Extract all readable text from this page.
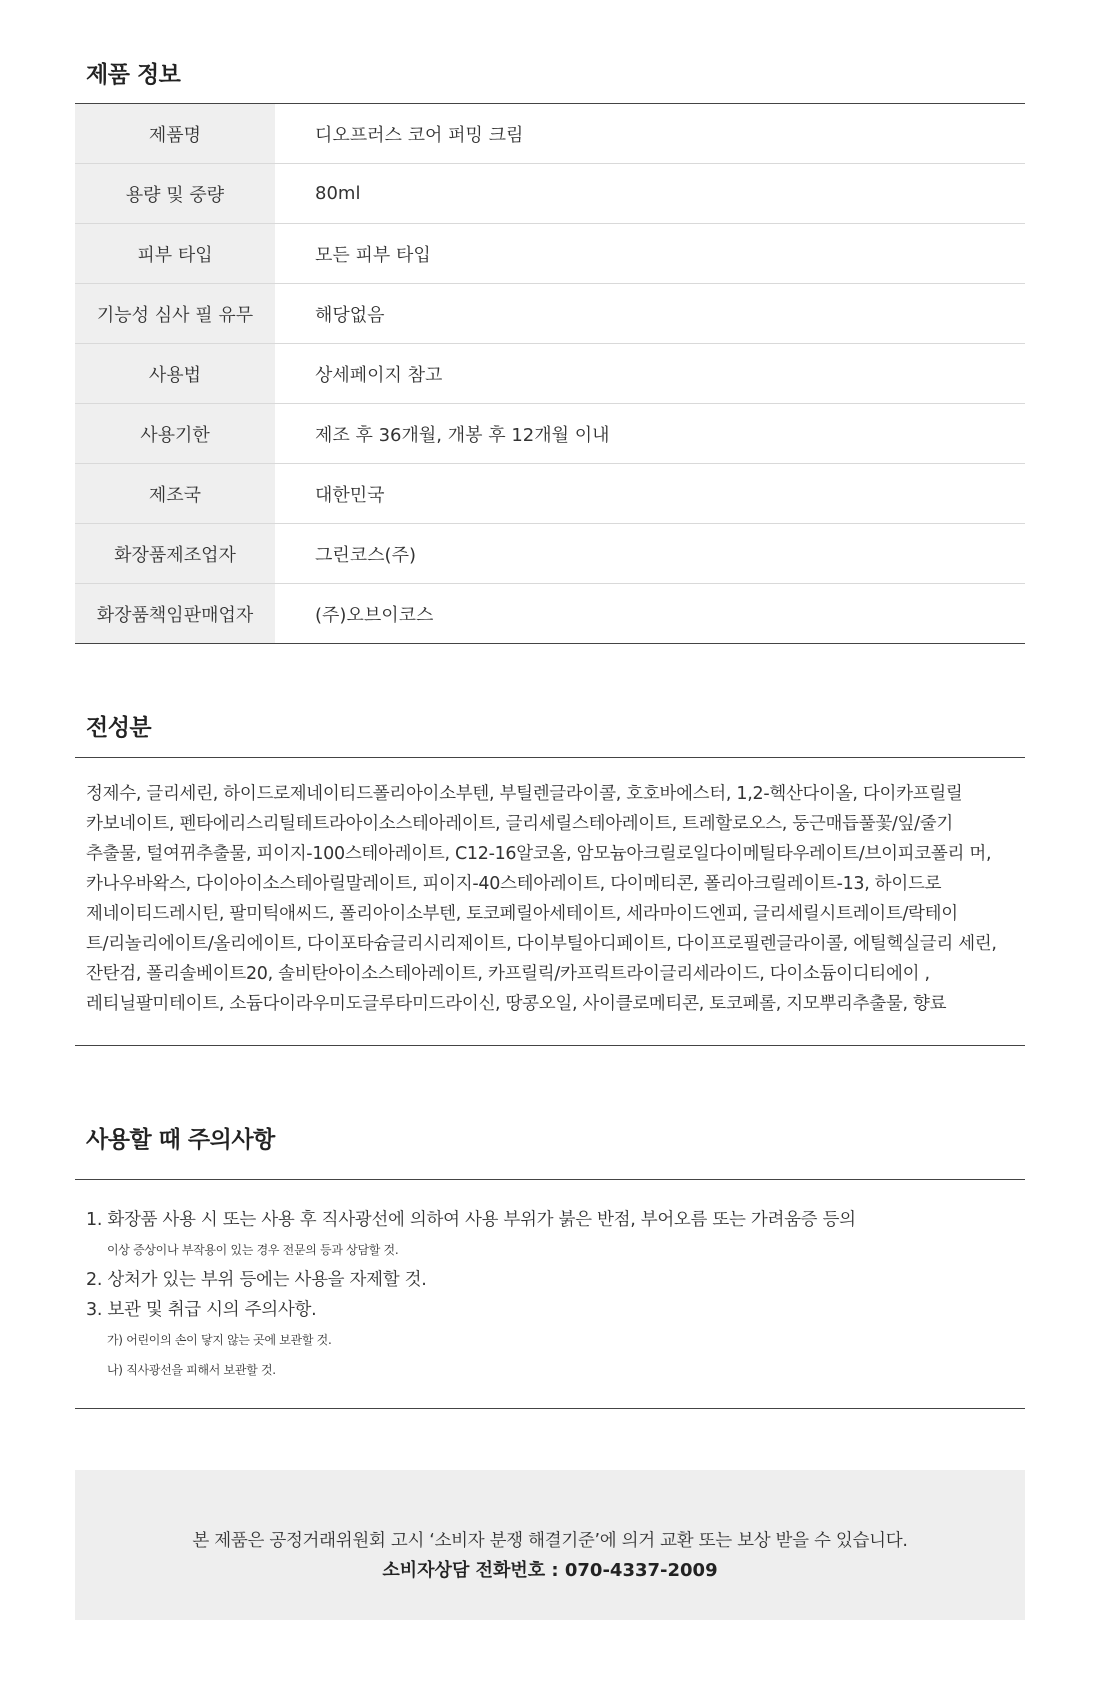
제품 정보
제품명	디오프러스 코어 퍼밍 크림
용량 및 중량	80ml
피부 타입	모든 피부 타입
기능성 심사 필 유무	해당없음
사용법	상세페이지 참고
사용기한	제조 후 36개월, 개봉 후 12개월 이내
제조국	대한민국
화장품제조업자	그린코스(주)
화장품책임판매업자	(주)오브이코스
전성분
정제수, 글리세린, 하이드로제네이티드폴리아이소부텐, 부틸렌글라이콜, 호호바에스터, 1,2-헥산다이올, 다이카프릴릴
카보네이트, 펜타에리스리틸테트라아이소스테아레이트, 글리세릴스테아레이트, 트레할로오스, 둥근매듭풀꽃/잎/줄기
추출물, 털여뀌추출물, 피이지-100스테아레이트, C12-16알코올, 암모늄아크릴로일다이메틸타우레이트/브이피코폴리 머,
카나우바왁스, 다이아이소스테아릴말레이트, 피이지-40스테아레이트, 다이메티콘, 폴리아크릴레이트-13, 하이드로
제네이티드레시틴, 팔미틱애씨드, 폴리아이소부텐, 토코페릴아세테이트, 세라마이드엔피, 글리세릴시트레이트/락테이
트/리놀리에이트/올리에이트, 다이포타슘글리시리제이트, 다이부틸아디페이트, 다이프로필렌글라이콜, 에틸헥실글리 세린,
잔탄검, 폴리솔베이트20, 솔비탄아이소스테아레이트, 카프릴릭/카프릭트라이글리세라이드, 다이소듐이디티에이 ,
레티닐팔미테이트, 소듐다이라우미도글루타미드라이신, 땅콩오일, 사이클로메티콘, 토코페롤, 지모뿌리추출물, 향료
사용할 때 주의사항
1. 화장품 사용 시 또는 사용 후 직사광선에 의하여 사용 부위가 붉은 반점, 부어오름 또는 가려움증 등의
이상 증상이나 부작용이 있는 경우 전문의 등과 상담할 것.
2. 상처가 있는 부위 등에는 사용을 자제할 것.
3. 보관 및 취급 시의 주의사항.
가) 어린이의 손이 닿지 않는 곳에 보관할 것.
나) 직사광선을 피해서 보관할 것.
본 제품은 공정거래위원회 고시 ‘소비자 분쟁 해결기준’에 의거 교환 또는 보상 받을 수 있습니다.
소비자상담 전화번호 : 070-4337-2009
